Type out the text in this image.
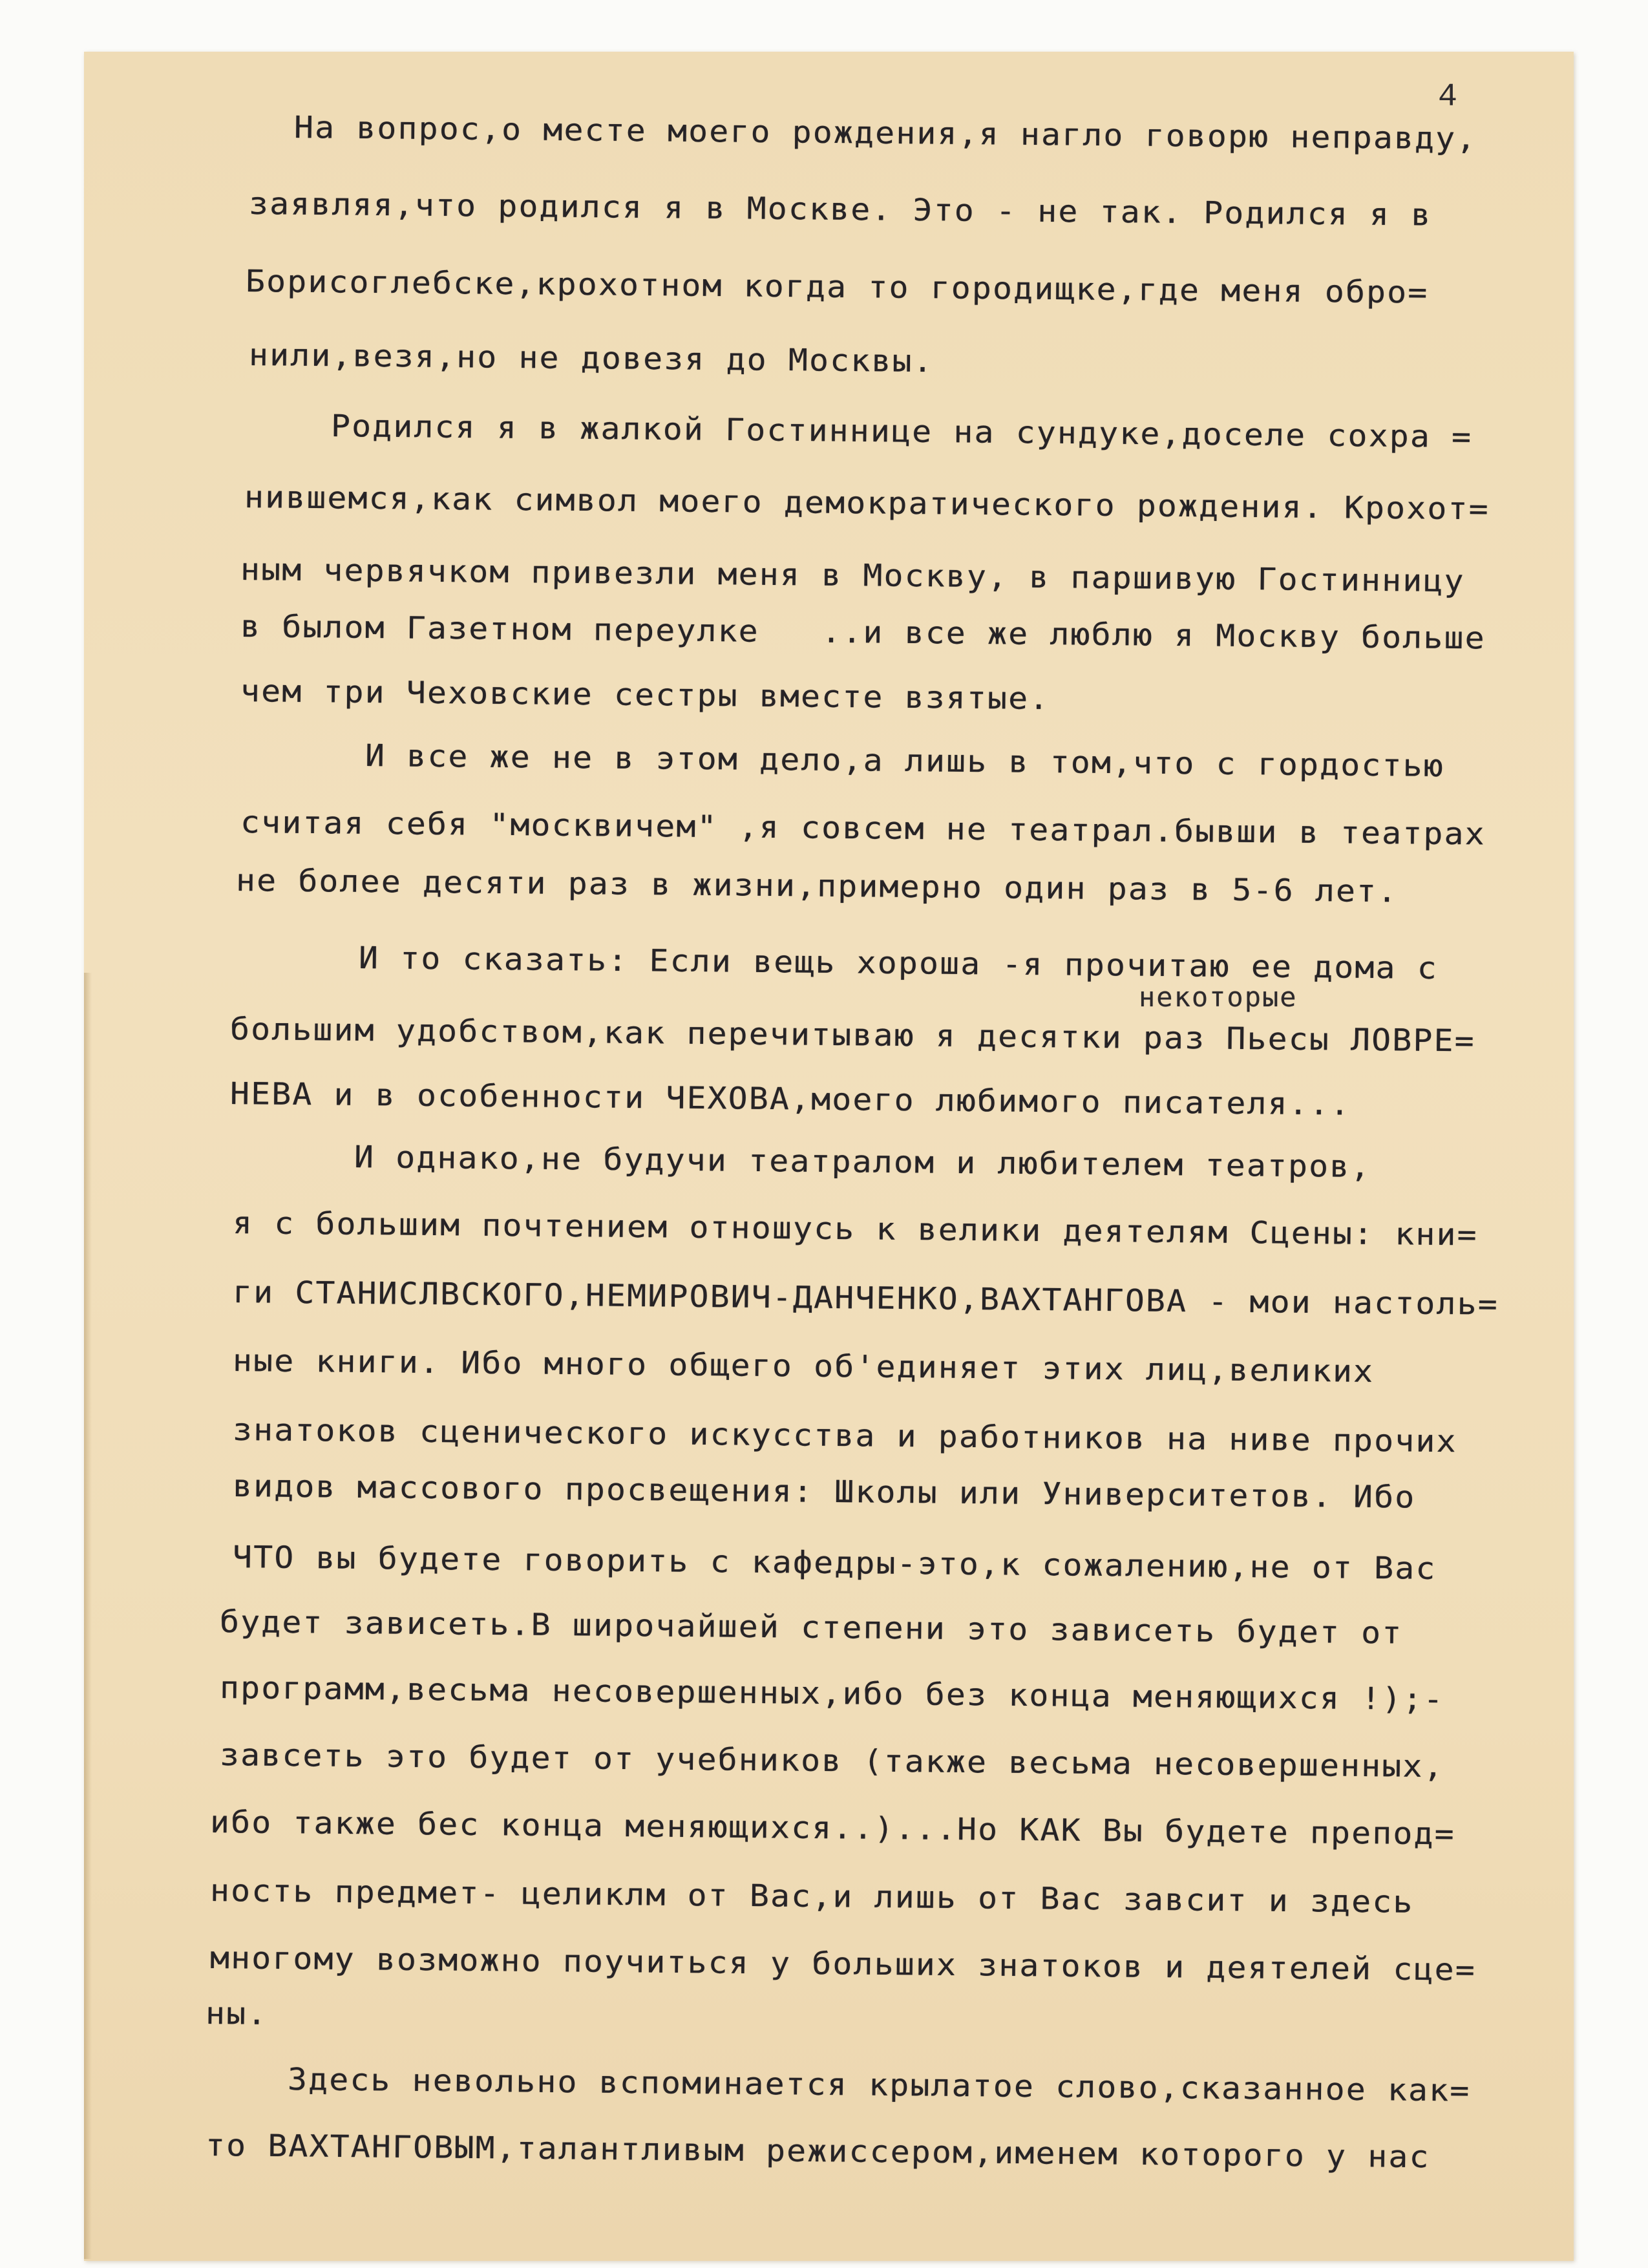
4
На вопрос,о месте моего рождения,я нагло говорю неправду,
заявляя,что родился я в Москве. Это - не так. Родился я в
Борисоглебске,крохотном когда то городищке,где меня обро=
нили,везя,но не довезя до Москвы.
Родился я в жалкой Гостиннице на сундуке,доселе сохра =
нившемся,как символ моего демократического рождения. Крохот=
ным червячком привезли меня в Москву, в паршивую Гостинницу
в былом Газетном переулке   ..и все же люблю я Москву больше
чем три Чеховские сестры вместе взятые.
И все же не в этом дело,а лишь в том,что с гордостью
считая себя "москвичем" ,я совсем не театрал.бывши в театрах
не более десяти раз в жизни,примерно один раз в 5-6 лет.
И то сказать: Если вещь хороша -я прочитаю ее дома с
некоторые
большим удобством,как перечитываю я десятки раз Пьесы ЛОВРЕ=
НЕВА и в особенности ЧЕХОВА,моего любимого писателя...
И однако,не будучи театралом и любителем театров,
я с большим почтением отношусь к велики деятелям Сцены: кни=
ги СТАНИСЛВСКОГО,НЕМИРОВИЧ-ДАНЧЕНКО,ВАХТАНГОВА - мои настоль=
ные книги. Ибо много общего об'единяет этих лиц,великих
знатоков сценического искусства и работников на ниве прочих
видов массового просвещения: Школы или Университетов. Ибо
ЧТО вы будете говорить с кафедры-это,к сожалению,не от Вас
будет зависеть.В широчайшей степени это зависеть будет от
программ,весьма несовершенных,ибо без конца меняющихся !);-
завсеть это будет от учебников (также весьма несовершенных,
ибо также бес конца меняющихся..)...Но КАК Вы будете препод=
ность предмет- целиклм от Вас,и лишь от Вас завсит и здесь
многому возможно поучиться у больших знатоков и деятелей сце=
ны.
Здесь невольно вспоминается крылатое слово,сказанное как=
то ВАХТАНГОВЫМ,талантливым режиссером,именем которого у нас
